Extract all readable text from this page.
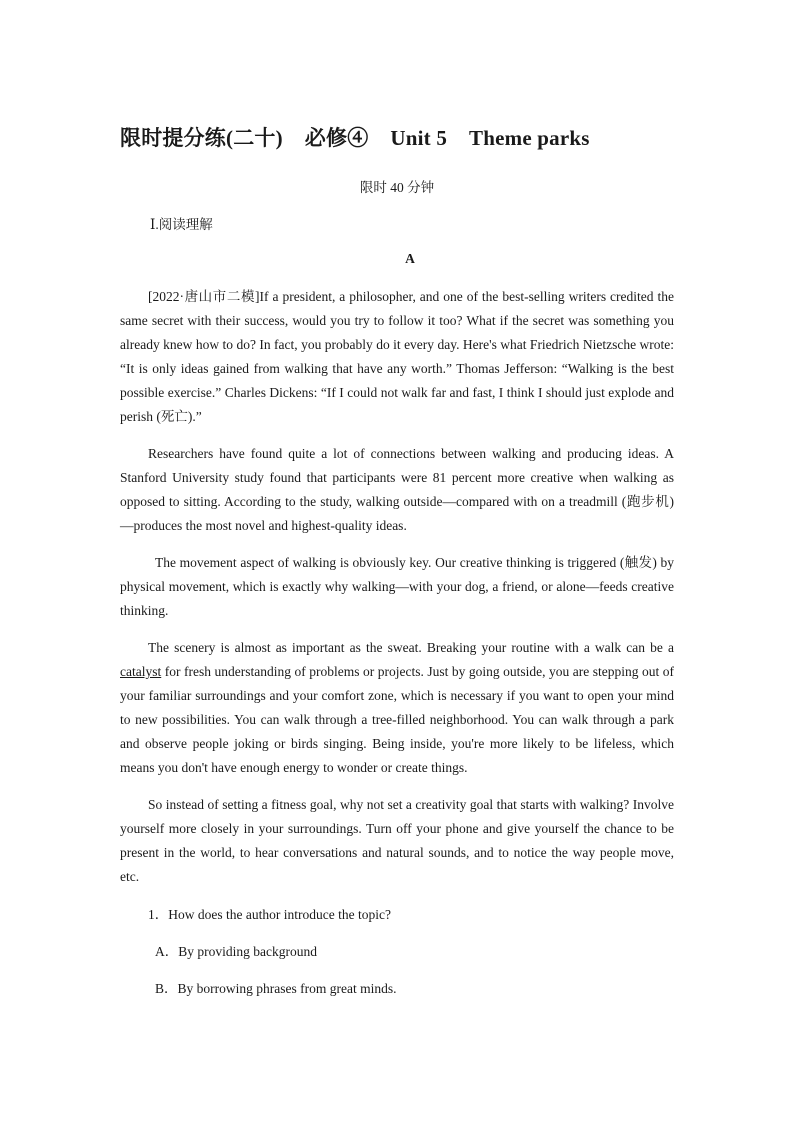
限时提分练(二十) 必修④ Unit 5 Theme parks
限时 40 分钟
Ⅰ.阅读理解
A

[2022·唐山市二模]If a president, a philosopher, and one of the best-selling writers credited the same secret with their success, would you try to follow it too? What if the secret was something you already knew how to do? In fact, you probably do it every day. Here's what Friedrich Nietzsche wrote: “It is only ideas gained from walking that have any worth.” Thomas Jefferson: “Walking is the best possible exercise.” Charles Dickens: “If I could not walk far and fast, I think I should just explode and perish (死亡).”

Researchers have found quite a lot of connections between walking and producing ideas. A Stanford University study found that participants were 81 percent more creative when walking as opposed to sitting. According to the study, walking outside—compared with on a treadmill (跑步机)—produces the most novel and highest-quality ideas.

The movement aspect of walking is obviously key. Our creative thinking is triggered (触发) by physical movement, which is exactly why walking—with your dog, a friend, or alone—feeds creative thinking.

The scenery is almost as important as the sweat. Breaking your routine with a walk can be a catalyst for fresh understanding of problems or projects. Just by going outside, you are stepping out of your familiar surroundings and your comfort zone, which is necessary if you want to open your mind to new possibilities. You can walk through a tree-filled neighborhood. You can walk through a park and observe people joking or birds singing. Being inside, you're more likely to be lifeless, which means you don't have enough energy to wonder or create things.

So instead of setting a fitness goal, why not set a creativity goal that starts with walking? Involve yourself more closely in your surroundings. Turn off your phone and give yourself the chance to be present in the world, to hear conversations and natural sounds, and to notice the way people move, etc.

1．How does the author introduce the topic?
A．By providing background
B．By borrowing phrases from great minds.
